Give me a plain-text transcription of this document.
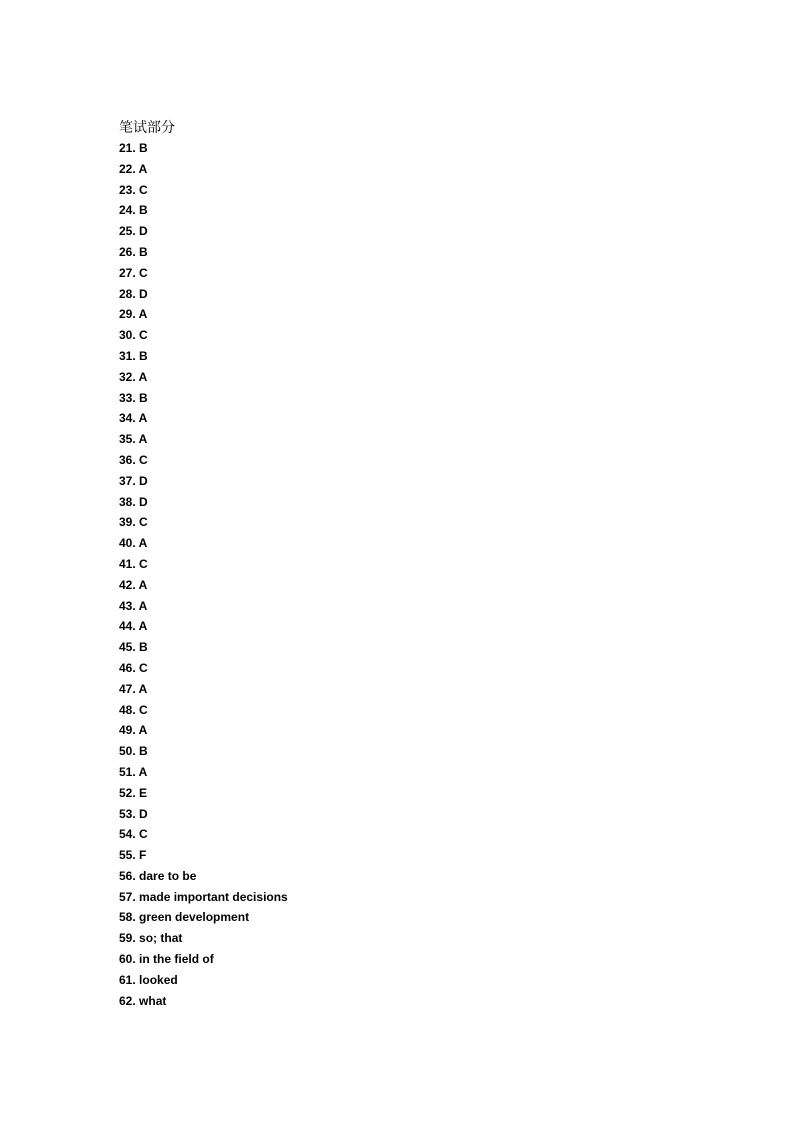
笔试部分
21. B
22. A
23. C
24. B
25. D
26. B
27. C
28. D
29. A
30. C
31. B
32. A
33. B
34. A
35. A
36. C
37. D
38. D
39. C
40. A
41. C
42. A
43. A
44. A
45. B
46. C
47. A
48. C
49. A
50. B
51. A
52. E
53. D
54. C
55. F
56. dare to be
57. made important decisions
58. green development
59. so; that
60. in the field of
61. looked
62. what
